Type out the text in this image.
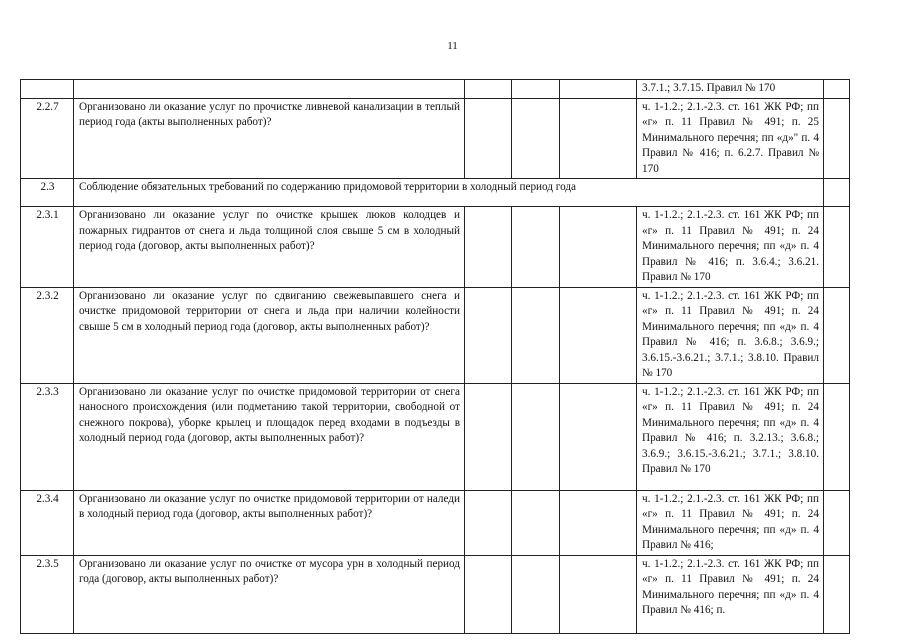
11
					3.7.1.; 3.7.15. Правил № 170	
2.2.7	Организовано ли оказание услуг по прочистке ливневой канализации в теплый период года (акты выполненных работ)?				ч. 1-1.2.; 2.1.-2.3. ст. 161 ЖК РФ; пп «г» п. 11 Правил № 491; п. 25 Минимального перечня; пп «д»" п. 4 Правил № 416; п. 6.2.7. Правил № 170	
2.3	Соблюдение обязательных требований по содержанию придомовой территории в холодный период года					
2.3.1	Организовано ли оказание услуг по очистке крышек люков колодцев и пожарных гидрантов от снега и льда толщиной слоя свыше 5 см в холодный период года (договор, акты выполненных работ)?				ч. 1-1.2.; 2.1.-2.3. ст. 161 ЖК РФ; пп «г» п. 11 Правил № 491; п. 24 Минимального перечня; пп «д» п. 4 Правил № 416; п. 3.6.4.; 3.6.21. Правил № 170	
2.3.2	Организовано ли оказание услуг по сдвиганию свежевыпавшего снега и очистке придомовой территории от снега и льда при наличии колейности свыше 5 см в холодный период года (договор, акты выполненных работ)?				ч. 1-1.2.; 2.1.-2.3. ст. 161 ЖК РФ; пп «г» п. 11 Правил № 491; п. 24 Минимального перечня; пп «д» п. 4 Правил № 416; п. 3.6.8.; 3.6.9.; 3.6.15.-3.6.21.; 3.7.1.; 3.8.10. Правил № 170	
2.3.3	Организовано ли оказание услуг по очистке придомовой территории от снега наносного происхождения (или подметанию такой территории, свободной от снежного покрова), уборке крылец и площадок перед входами в подъезды в холодный период года (договор, акты выполненных работ)?				ч. 1-1.2.; 2.1.-2.3. ст. 161 ЖК РФ; пп «г» п. 11 Правил № 491; п. 24 Минимального перечня; пп «д» п. 4 Правил № 416; п. 3.2.13.; 3.6.8.; 3.6.9.; 3.6.15.-3.6.21.; 3.7.1.; 3.8.10. Правил № 170	
2.3.4	Организовано ли оказание услуг по очистке придомовой территории от наледи в холодный период года (договор, акты выполненных работ)?				ч. 1-1.2.; 2.1.-2.3. ст. 161 ЖК РФ; пп «г» п. 11 Правил № 491; п. 24 Минимального перечня; пп «д» п. 4 Правил № 416;	
2.3.5	Организовано ли оказание услуг по очистке от мусора урн в холодный период года (договор, акты выполненных работ)?				ч. 1-1.2.; 2.1.-2.3. ст. 161 ЖК РФ; пп «г» п. 11 Правил № 491; п. 24 Минимального перечня; пп «д» п. 4 Правил № 416; п.	
